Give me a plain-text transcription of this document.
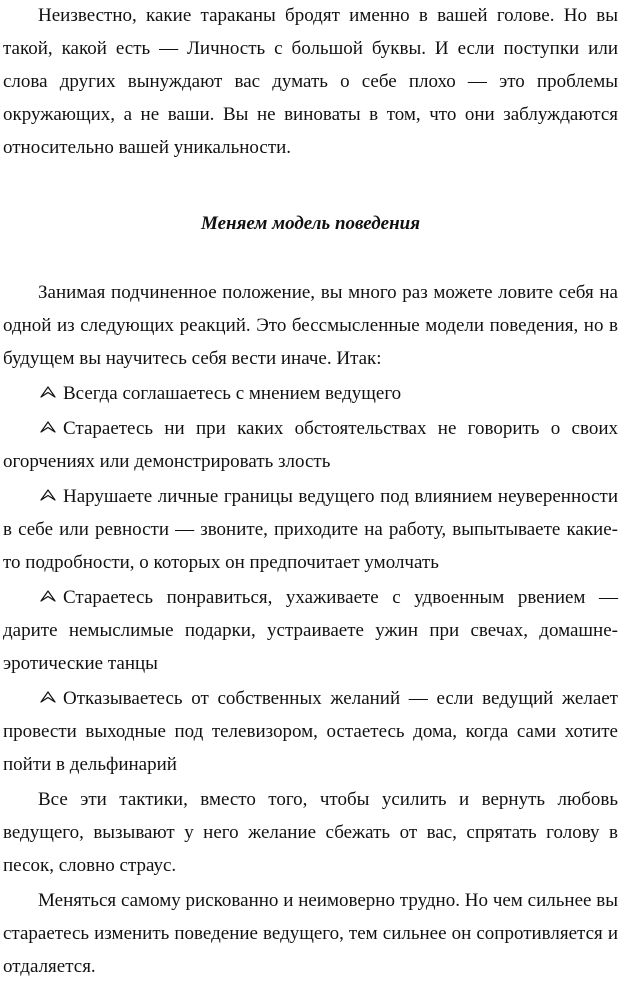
Неизвестно, какие тараканы бродят именно в вашей голове. Но вы такой, какой есть — Личность с большой буквы. И если поступки или слова других вынуждают вас думать о себе плохо — это проблемы окружающих, а не ваши. Вы не виноваты в том, что они заблуждаются относительно вашей уникальности.

Меняем модель поведения

Занимая подчиненное положение, вы много раз можете ловите себя на одной из следующих реакций. Это бессмысленные модели поведения, но в будущем вы научитесь себя вести иначе. Итак:

Всегда соглашаетесь с мнением ведущего

Стараетесь ни при каких обстоятельствах не говорить о своих огорчениях или демонстрировать злость

Нарушаете личные границы ведущего под влиянием неуверенности в себе или ревности — звоните, приходите на работу, выпытываете какие-то подробности, о которых он предпочитает умолчать

Стараетесь понравиться, ухаживаете с удвоенным рвением — дарите немыслимые подарки, устраиваете ужин при свечах, домашне-эротические танцы

Отказываетесь от собственных желаний — если ведущий желает провести выходные под телевизором, остаетесь дома, когда сами хотите пойти в дельфинарий

Все эти тактики, вместо того, чтобы усилить и вернуть любовь ведущего, вызывают у него желание сбежать от вас, спрятать голову в песок, словно страус.

Меняться самому рискованно и неимоверно трудно. Но чем сильнее вы стараетесь изменить поведение ведущего, тем сильнее он сопротивляется и отдаляется.
